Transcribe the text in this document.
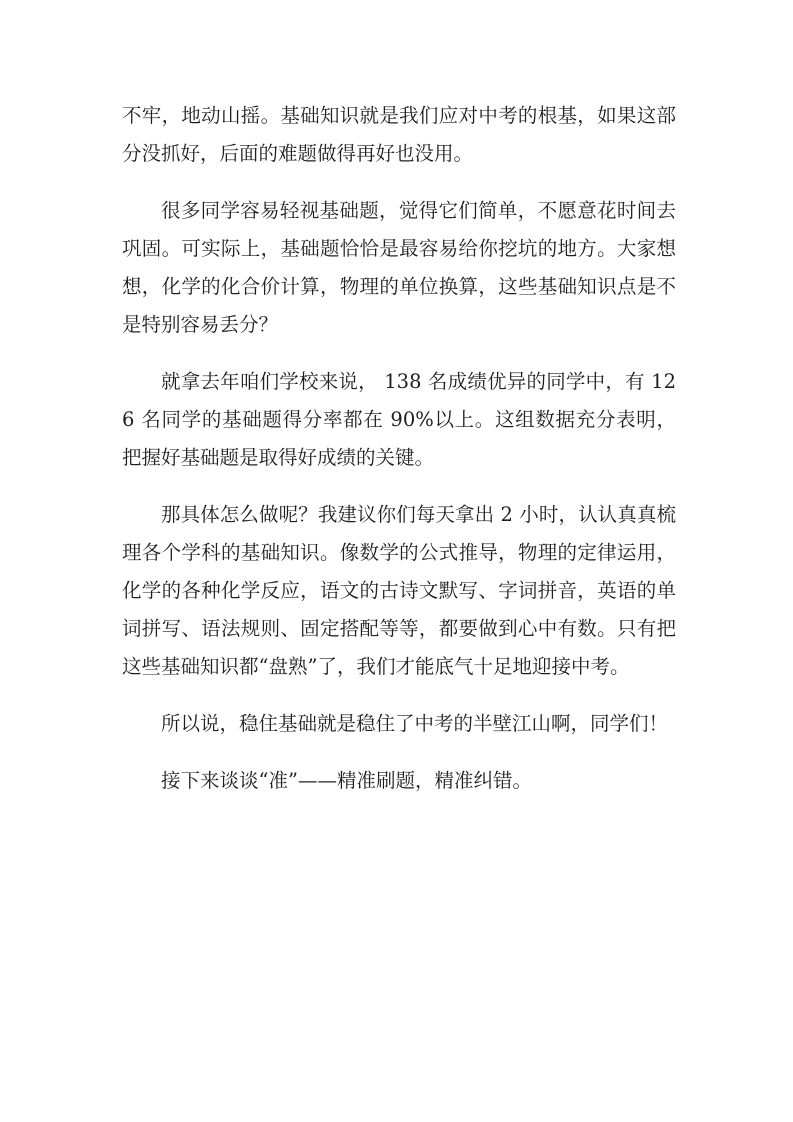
不牢，地动山摇。基础知识就是我们应对中考的根基，如果这部分没抓好，后面的难题做得再好也没用。

很多同学容易轻视基础题，觉得它们简单，不愿意花时间去巩固。可实际上，基础题恰恰是最容易给你挖坑的地方。大家想想，化学的化合价计算，物理的单位换算，这些基础知识点是不是特别容易丢分？

就拿去年咱们学校来说， 138 名成绩优异的同学中，有 126 名同学的基础题得分率都在 90%以上。这组数据充分表明，把握好基础题是取得好成绩的关键。

那具体怎么做呢？我建议你们每天拿出 2 小时，认认真真梳理各个学科的基础知识。像数学的公式推导，物理的定律运用，化学的各种化学反应，语文的古诗文默写、字词拼音，英语的单词拼写、语法规则、固定搭配等等，都要做到心中有数。只有把这些基础知识都“盘熟”了，我们才能底气十足地迎接中考。

所以说，稳住基础就是稳住了中考的半壁江山啊，同学们！

接下来谈谈“准”——精准刷题，精准纠错。
